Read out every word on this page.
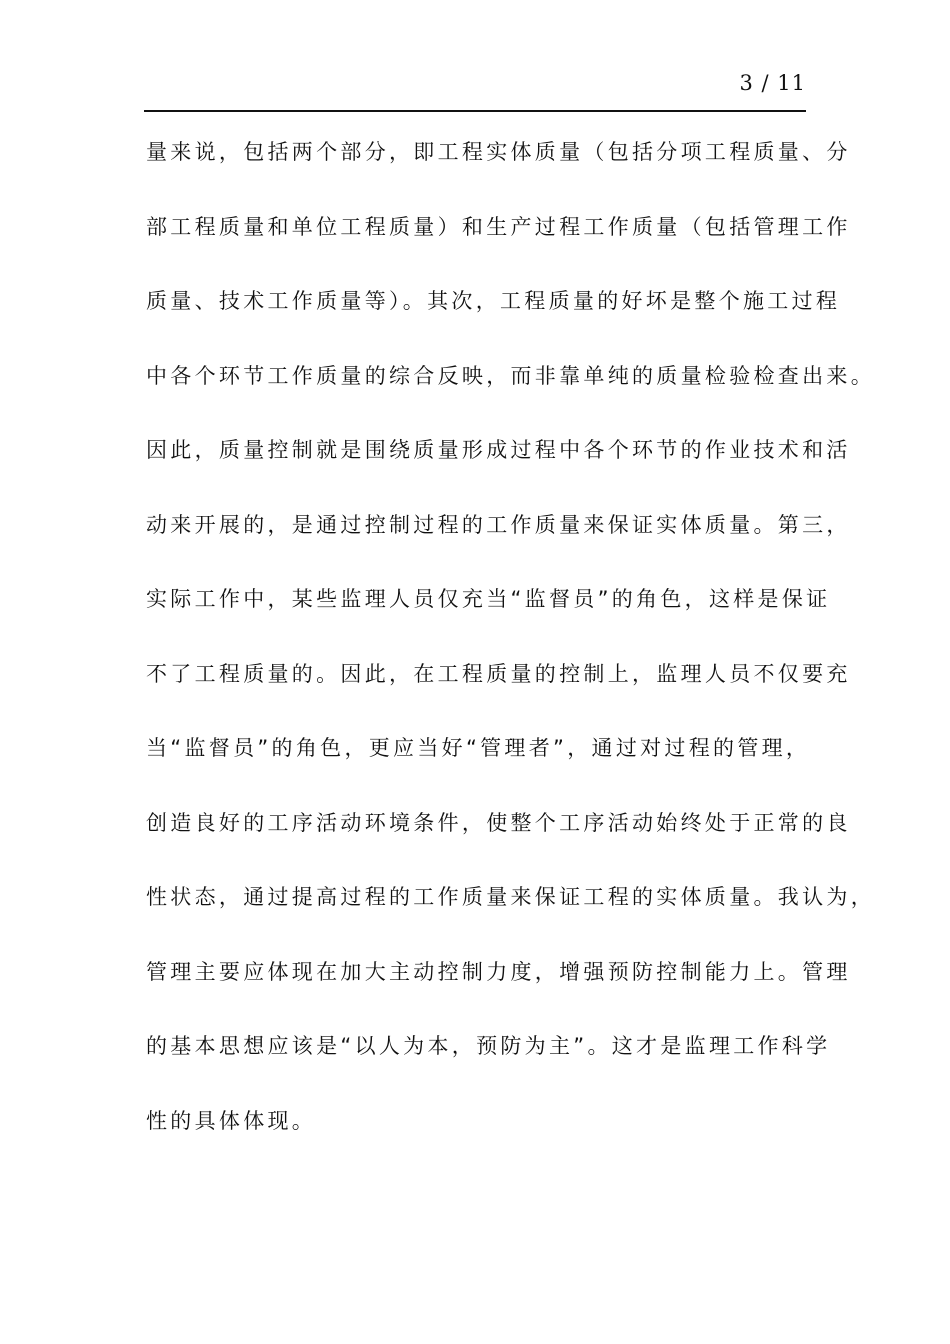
3 / 11
量来说，包括两个部分，即工程实体质量（包括分项工程质量、分
部工程质量和单位工程质量）和生产过程工作质量（包括管理工作
质量、技术工作质量等）。其次，工程质量的好坏是整个施工过程
中各个环节工作质量的综合反映，而非靠单纯的质量检验检查出来。
因此，质量控制就是围绕质量形成过程中各个环节的作业技术和活
动来开展的，是通过控制过程的工作质量来保证实体质量。第三，
实际工作中，某些监理人员仅充当“监督员”的角色，这样是保证
不了工程质量的。因此，在工程质量的控制上，监理人员不仅要充
当“监督员”的角色，更应当好“管理者”，通过对过程的管理，
创造良好的工序活动环境条件，使整个工序活动始终处于正常的良
性状态，通过提高过程的工作质量来保证工程的实体质量。我认为，
管理主要应体现在加大主动控制力度，增强预防控制能力上。管理
的基本思想应该是“以人为本，预防为主”。这才是监理工作科学
性的具体体现。
